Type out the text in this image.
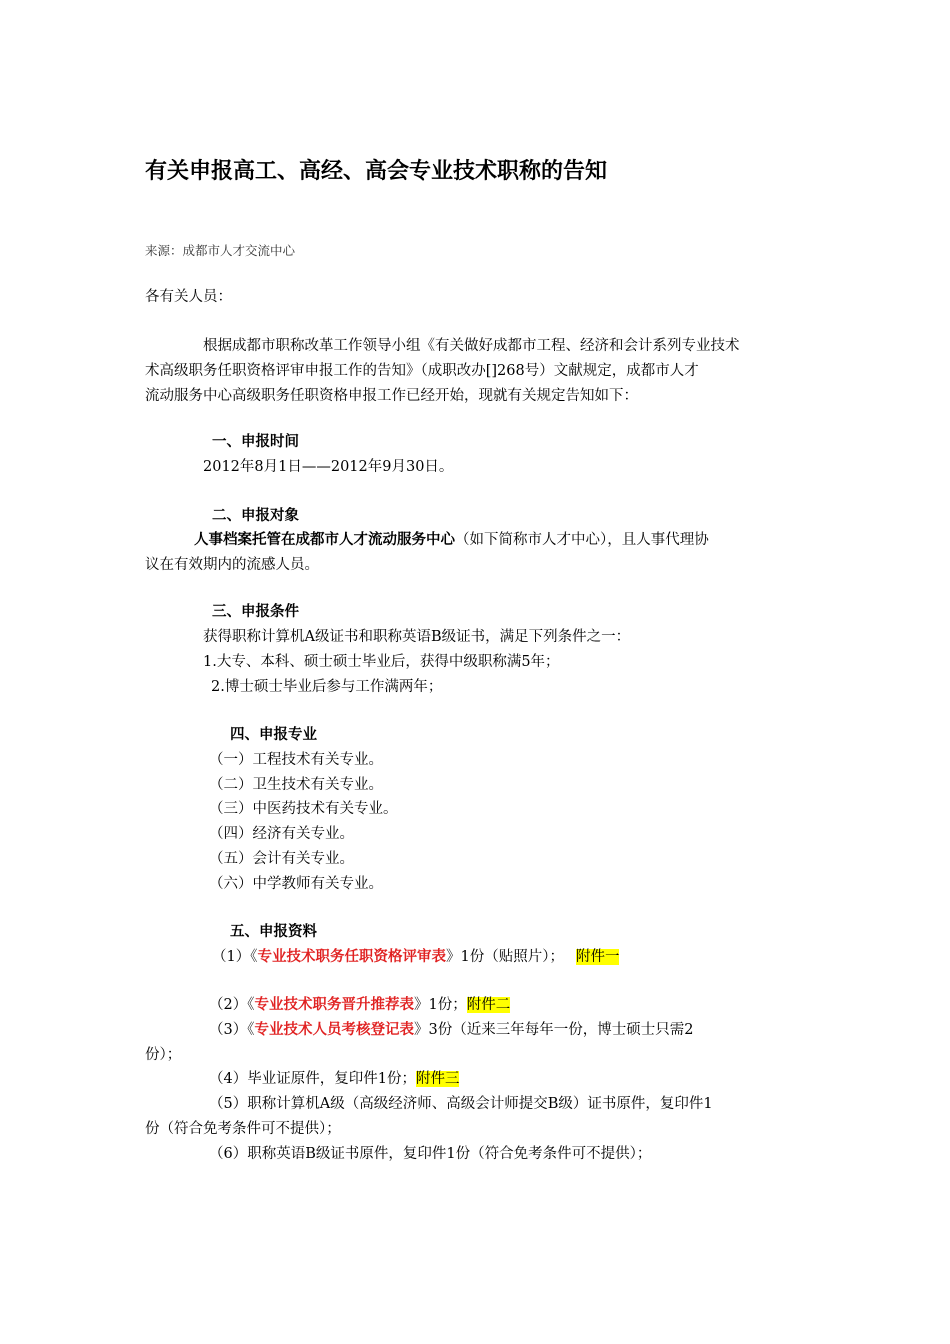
有关申报高工、高经、高会专业技术职称的告知
来源：成都市人才交流中心
各有关人员：
根据成都市职称改革工作领导小组《有关做好成都市工程、经济和会计系列专业技术
术高级职务任职资格评审申报工作的告知》（成职改办[]268号）文献规定，成都市人才
流动服务中心高级职务任职资格申报工作已经开始，现就有关规定告知如下：
一、申报时间
2012年8月1日——2012年9月30日。
二、申报对象
人事档案托管在成都市人才流动服务中心（如下简称市人才中心），且人事代理协
议在有效期内的流感人员。
三、申报条件
获得职称计算机A级证书和职称英语B级证书，满足下列条件之一：
1.大专、本科、硕士硕士毕业后，获得中级职称满5年；
2.博士硕士毕业后参与工作满两年；
四、申报专业
（一）工程技术有关专业。
（二）卫生技术有关专业。
（三）中医药技术有关专业。
（四）经济有关专业。
（五）会计有关专业。
（六）中学教师有关专业。
五、申报资料
（1）《专业技术职务任职资格评审表》1份（贴照片）； 附件一
（2）《专业技术职务晋升推荐表》1份；附件二
（3）《专业技术人员考核登记表》3份（近来三年每年一份，博士硕士只需2
份）；
（4）毕业证原件，复印件1份；附件三
（5）职称计算机A级（高级经济师、高级会计师提交B级）证书原件，复印件1
份（符合免考条件可不提供）；
（6）职称英语B级证书原件，复印件1份（符合免考条件可不提供）；
